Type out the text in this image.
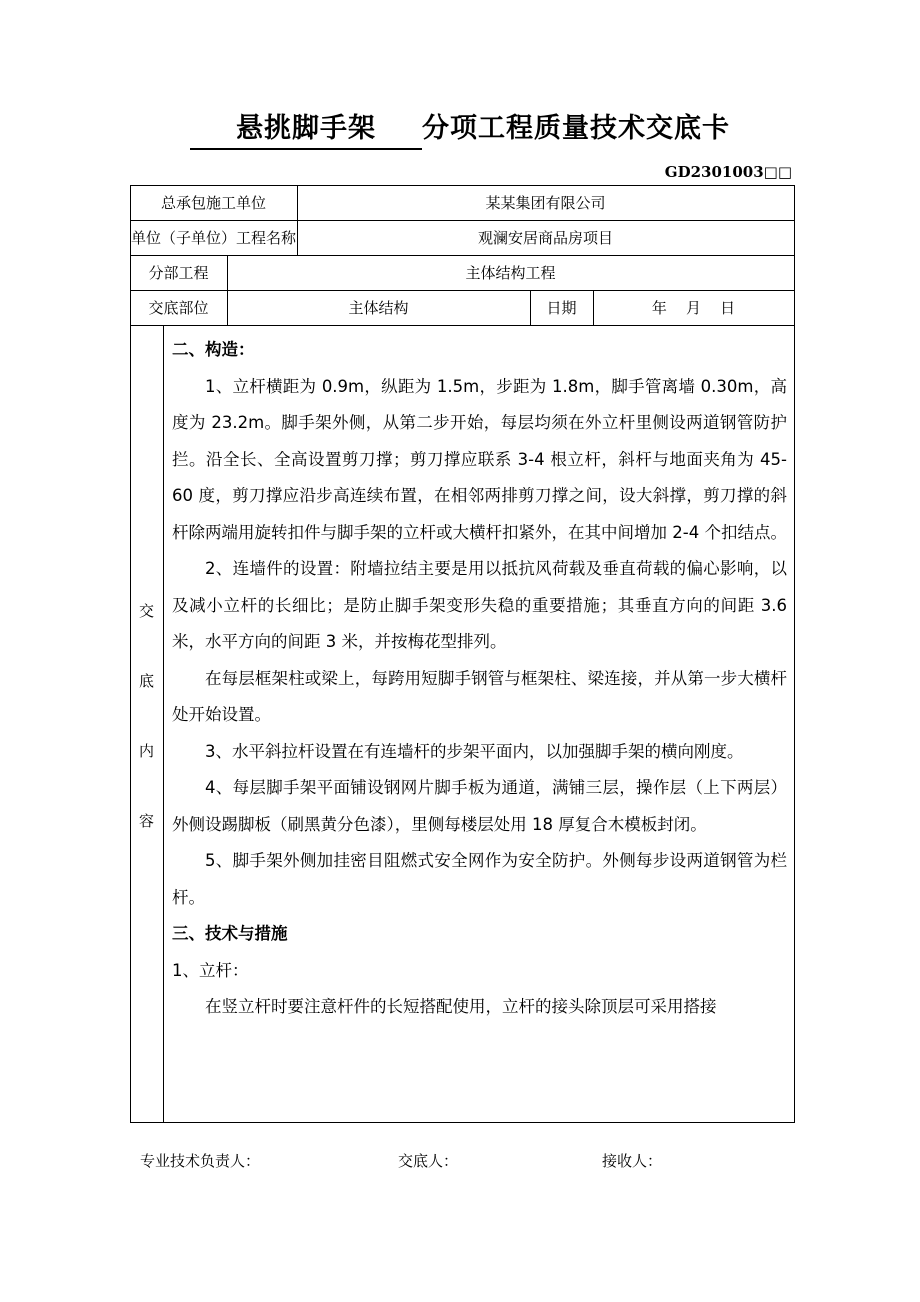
悬挑脚手架 分项工程质量技术交底卡
GD2301003□□
总承包施工单位	某某集团有限公司
单位（子单位）工程名称	观澜安居商品房项目
分部工程	主体结构工程
交底部位	主体结构	日期	年    月    日
交
底
内
容

二、构造：

1、立杆横距为 0.9m，纵距为 1.5m，步距为 1.8m，脚手管离墙 0.30m，高度为 23.2m。脚手架外侧，从第二步开始，每层均须在外立杆里侧设两道钢管防护拦。沿全长、全高设置剪刀撑；剪刀撑应联系 3-4 根立杆，斜杆与地面夹角为 45-60 度，剪刀撑应沿步高连续布置，在相邻两排剪刀撑之间，设大斜撑，剪刀撑的斜杆除两端用旋转扣件与脚手架的立杆或大横杆扣紧外，在其中间增加 2-4 个扣结点。

2、连墙件的设置：附墙拉结主要是用以抵抗风荷载及垂直荷载的偏心影响，以及减小立杆的长细比；是防止脚手架变形失稳的重要措施；其垂直方向的间距 3.6 米，水平方向的间距 3 米，并按梅花型排列。

在每层框架柱或梁上，每跨用短脚手钢管与框架柱、梁连接，并从第一步大横杆处开始设置。

3、水平斜拉杆设置在有连墙杆的步架平面内，以加强脚手架的横向刚度。

4、每层脚手架平面铺设钢网片脚手板为通道，满铺三层，操作层（上下两层）外侧设踢脚板（刷黑黄分色漆），里侧每楼层处用 18 厚复合木模板封闭。

5、脚手架外侧加挂密目阻燃式安全网作为安全防护。外侧每步设两道钢管为栏杆。

三、技术与措施

1、立杆：

在竖立杆时要注意杆件的长短搭配使用，立杆的接头除顶层可采用搭接

专业技术负责人：	交底人：	接收人：
